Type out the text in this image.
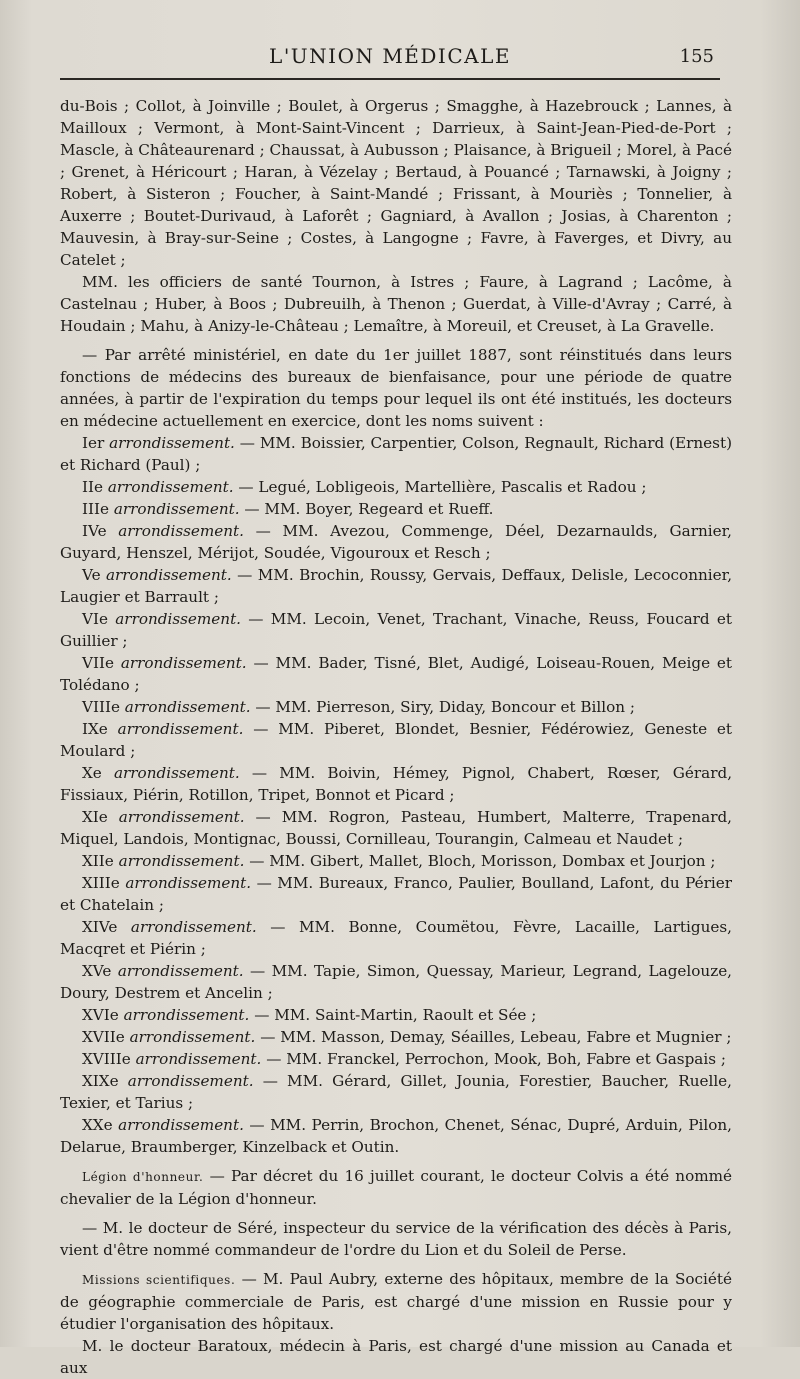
L'UNION MÉDICALE	155

du-Bois ; Collot, à Joinville ; Boulet, à Orgerus ; Smagghe, à Hazebrouck ; Lannes, à Mailloux ; Vermont, à Mont-Saint-Vincent ; Darrieux, à Saint-Jean-Pied-de-Port ; Mascle, à Châteaurenard ; Chaussat, à Aubusson ; Plaisance, à Brigueil ; Morel, à Pacé ; Grenet, à Héricourt ; Haran, à Vézelay ; Bertaud, à Pouancé ; Tarnawski, à Joigny ; Robert, à Sisteron ; Foucher, à Saint-Mandé ; Frissant, à Mouriès ; Tonnelier, à Auxerre ; Boutet-Durivaud, à Laforêt ; Gagniard, à Avallon ; Josias, à Charenton ; Mauvesin, à Bray-sur-Seine ; Costes, à Langogne ; Favre, à Faverges, et Divry, au Catelet ;

MM. les officiers de santé Tournon, à Istres ; Faure, à Lagrand ; Lacôme, à Castelnau ; Huber, à Boos ; Dubreuilh, à Thenon ; Guerdat, à Ville-d'Avray ; Carré, à Houdain ; Mahu, à Anizy-le-Château ; Lemaître, à Moreuil, et Creuset, à La Gravelle.

— Par arrêté ministériel, en date du 1er juillet 1887, sont réinstitués dans leurs fonctions de médecins des bureaux de bienfaisance, pour une période de quatre années, à partir de l'expiration du temps pour lequel ils ont été institués, les docteurs en médecine actuellement en exercice, dont les noms suivent :

Ier arrondissement. — MM. Boissier, Carpentier, Colson, Regnault, Richard (Ernest) et Richard (Paul) ;

IIe arrondissement. — Legué, Lobligeois, Martellière, Pascalis et Radou ;

IIIe arrondissement. — MM. Boyer, Regeard et Rueff.

IVe arrondissement. — MM. Avezou, Commenge, Déel, Dezarnaulds, Garnier, Guyard, Henszel, Mérijot, Soudée, Vigouroux et Resch ;

Ve arrondissement. — MM. Brochin, Roussy, Gervais, Deffaux, Delisle, Lecoconnier, Laugier et Barrault ;

VIe arrondissement. — MM. Lecoin, Venet, Trachant, Vinache, Reuss, Foucard et Guillier ;

VIIe arrondissement. — MM. Bader, Tisné, Blet, Audigé, Loiseau-Rouen, Meige et Tolédano ;

VIIIe arrondissement. — MM. Pierreson, Siry, Diday, Boncour et Billon ;

IXe arrondissement. — MM. Piberet, Blondet, Besnier, Fédérowiez, Geneste et Moulard ;

Xe arrondissement. — MM. Boivin, Hémey, Pignol, Chabert, Rœser, Gérard, Fissiaux, Piérin, Rotillon, Tripet, Bonnot et Picard ;

XIe arrondissement. — MM. Rogron, Pasteau, Humbert, Malterre, Trapenard, Miquel, Landois, Montignac, Boussi, Cornilleau, Tourangin, Calmeau et Naudet ;

XIIe arrondissement. — MM. Gibert, Mallet, Bloch, Morisson, Dombax et Jourjon ;

XIIIe arrondissement. — MM. Bureaux, Franco, Paulier, Boulland, Lafont, du Périer et Chatelain ;

XIVe arrondissement. — MM. Bonne, Coumëtou, Fèvre, Lacaille, Lartigues, Macqret et Piérin ;

XVe arrondissement. — MM. Tapie, Simon, Quessay, Marieur, Legrand, Lagelouze, Doury, Destrem et Ancelin ;

XVIe arrondissement. — MM. Saint-Martin, Raoult et Sée ;

XVIIe arrondissement. — MM. Masson, Demay, Séailles, Lebeau, Fabre et Mugnier ;

XVIIIe arrondissement. — MM. Franckel, Perrochon, Mook, Boh, Fabre et Gaspais ;

XIXe arrondissement. — MM. Gérard, Gillet, Jounia, Forestier, Baucher, Ruelle, Texier, et Tarius ;

XXe arrondissement. — MM. Perrin, Brochon, Chenet, Sénac, Dupré, Arduin, Pilon, Delarue, Braumberger, Kinzelback et Outin.

Légion d'honneur. — Par décret du 16 juillet courant, le docteur Colvis a été nommé chevalier de la Légion d'honneur.

— M. le docteur de Séré, inspecteur du service de la vérification des décès à Paris, vient d'être nommé commandeur de l'ordre du Lion et du Soleil de Perse.

Missions scientifiques. — M. Paul Aubry, externe des hôpitaux, membre de la Société de géographie commerciale de Paris, est chargé d'une mission en Russie pour y étudier l'organisation des hôpitaux.

M. le docteur Baratoux, médecin à Paris, est chargé d'une mission au Canada et aux
